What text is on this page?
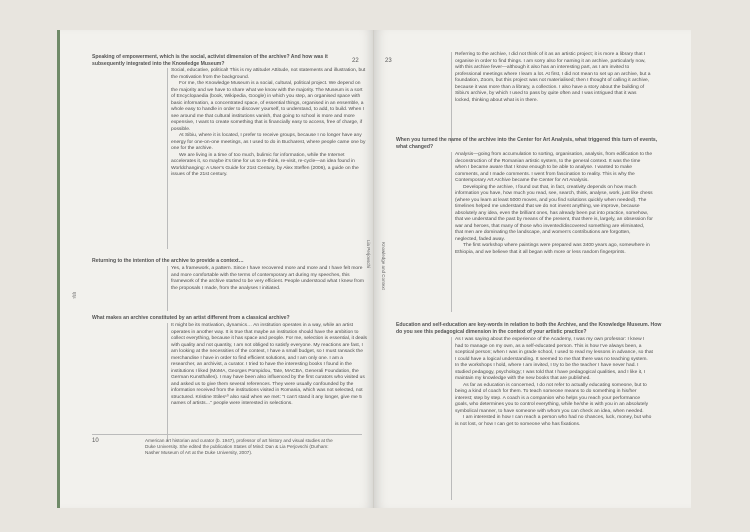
Speaking of empowerment, which is the social, activist dimension of the archive? And how was it subsequently integrated into the Knowledge Museum?

Social, educative, political! This is my attitude! Attitude, not statements and illustration, but the motivation from the background.

For me, the Knowledge Museum is a social, cultural, political project. We depend on the majority and we have to share what we know with the majority. The Museum is a sort of Encyclopaedia (book, Wikipedia, Google) in which you step, an organised space with basic information, a concentrated space, of essential things, organised in an ensemble, a whole easy to handle in order to discover yourself, to understand, to add, to build. When I see around me that cultural institutions vanish, that going to school is more and more expensive, I want to create something that is financially easy to access, free of charge, if possible.

At Sibiu, where it is located, I prefer to receive groups, because I no longer have any energy for one-on-one meetings, as I used to do in Bucharest, where people came one by one for the archive.

We are living in a time of too much, bulimic for information, while the Internet accelerates it, so maybe it's time for us to re-think, re-visit, re-cycle—an idea found in Worldchanging: A User's Guide for 21st Century, by Alex Steffen (2006), a guide on the issues of the 21st century.

Returning to the intention of the archive to provide a context…

Yes, a framework, a pattern. Since I have recovered more and more and I have felt more and more comfortable with the terms of contemporary art during my speeches, this framework of the archive started to be very efficient. People understood what I knew from the proposals I made, from the analyses I initiated.

What makes an archive constituted by an artist different from a classical archive?

It might be its motivation, dynamics… An institution operates in a way, while an artist operates in another way. It is true that maybe an institution should have the ambition to collect everything, because it has space and people. For me, selection is essential, it deals with quality and not quantity, I am not obliged to satisfy everyone. My reactions are fast, I am looking at the necessities of the context, I have a small budget, so I must ransack the merchandise I have in order to find efficient solutions, and I am only one. I am a researcher, an archivist, a curator. I tried to have the interesting books I found in the institutions I liked (MoMA, Georges Pompidou, Tate, MACBA, Generali Foundation, the German Kunsthalles). I may have been also influenced by the first curators who visited us and asked us to give them several references. They were usually confounded by the information received from the institutions visited in Romania, which was not selected, not structured. Kristine Stiles¹⁰ also said when we met: "I can't stand it any longer, give me 5 names of artists…" people were interested in selections.

10	American art historian and curator (b. 1947), professor of art history and visual studies at the Duke University. She edited the publication States of Mind: Dan & Lia Perjovschi (Durham: Nasher Museum of Art at the Duke University, 2007).
22
Ȩt̡s
Lia Perjovschi
23
Knowledge and Context

Referring to the archive, I did not think of it as an artistic project; it is more a library that I organise in order to find things. I am sorry also for naming it an archive, particularly now, with this archive fever—although it also has an interesting part, as I am invited to professional meetings where I learn a lot. At first, I did not mean to set up an archive, but a foundation, Zoom, but this project was not materialised; then I thought of calling it archive, because it was more than a library, a collection. I also have a story about the building of Sibiu's archive, by which I used to pass by quite often and I was intrigued that it was locked, thinking about what is in there.

When you turned the name of the archive into the Center for Art Analysis, what triggered this turn of events, what changed?

Analysis—going from accumulation to sorting, organisation, analysis, from edification to the deconstruction of the Romanian artistic system, to the general context. It was the time when I became aware that I know enough to be able to analyse. I wanted to make comments, and I made comments. I went from fascination to reality. This is why the Contemporary Art Archive became the Center for Art Analysis.

Developing the archive, I found out that, in fact, creativity depends on how much information you have, how much you read, see, search, think, analyse, work, just like chess (where you learn at least 5000 moves, and you find solutions quickly when needed). The timelines helped me understand that we do not invent anything, we improve, because absolutely any idea, even the brilliant ones, has already been put into practice, somehow, that we understand the past by means of the present, that there is, largely, an obsession for war and heroes, that many of those who invented/discovered something are eliminated, that men are dominating the landscape, and women's contributions are forgotten, neglected, faded away.

The first workshop where paintings were prepared was 3400 years ago, somewhere in Ethiopia, and we believe that it all began with more or less random fingerprints.

Education and self-education are key-words in relation to both the Archive, and the Knowledge Museum. How do you see this pedagogical dimension in the context of your artistic practice?

As I was saying about the experience of the Academy, I was my own professor: I knew I had to manage on my own, as a self-educated person. This is how I've always been, a sceptical person; when I was in grade school, I used to read my lessons in advance, so that I could have a logical understanding. It seemed to me that there was no teaching system. In the workshops I hold, where I am invited, I try to be the teacher I have never had. I studied pedagogy, psychology; I was told that I have pedagogical qualities, and I like it, I maintain my knowledge with the new books that are published.

As far as education is concerned, I do not refer to actually educating someone, but to being a kind of coach for them. To teach someone means to do something in his/her interest; step by step. A coach is a companion who helps you reach your performance goals, who determines you to control everything, while he/she is with you in an absolutely symbolical manner, to have someone with whom you can check an idea, when needed.

I am interested in how I can reach a person who had no chances, luck, money, but who is not lost, or how I can get to someone who has fixations.
